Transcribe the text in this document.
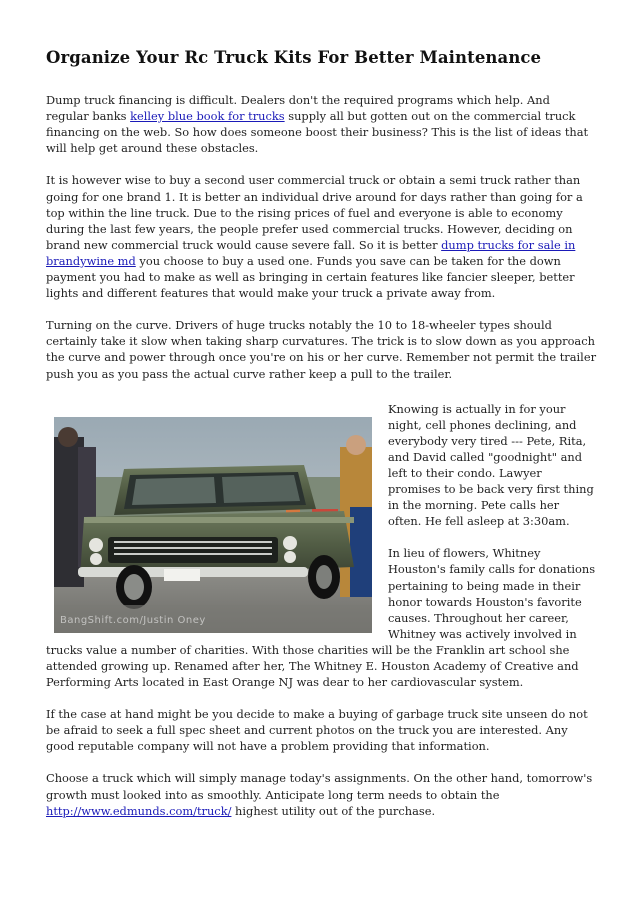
Organize Your Rc Truck Kits For Better Maintenance

Dump truck financing is difficult. Dealers don't the required programs which help. And regular banks kelley blue book for trucks supply all but gotten out on the commercial truck financing on the web. So how does someone boost their business? This is the list of ideas that will help get around these obstacles.

It is however wise to buy a second user commercial truck or obtain a semi truck rather than going for one brand 1. It is better an individual drive around for days rather than going for a top within the line truck. Due to the rising prices of fuel and everyone is able to economy during the last few years, the people prefer used commercial trucks. However, deciding on brand new commercial truck would cause severe fall. So it is better dump trucks for sale in brandywine md you choose to buy a used one. Funds you save can be taken for the down payment you had to make as well as bringing in certain features like fancier sleeper, better lights and different features that would make your truck a private away from.

Turning on the curve. Drivers of huge trucks notably the 10 to 18-wheeler types should certainly take it slow when taking sharp curvatures. The trick is to slow down as you approach the curve and power through once you're on his or her curve. Remember not permit the trailer push you as you pass the actual curve rather keep a pull to the trailer.

BangShift.com/Justin Oney

Knowing is actually in for your night, cell phones declining, and everybody very tired --- Pete, Rita, and David called "goodnight" and left to their condo. Lawyer promises to be back very first thing in the morning. Pete calls her often. He fell asleep at 3:30am.

In lieu of flowers, Whitney Houston's family calls for donations pertaining to being made in their honor towards Houston's favorite causes. Throughout her career, Whitney was actively involved in trucks value a number of charities. With those charities will be the Franklin art school she attended growing up. Renamed after her, The Whitney E. Houston Academy of Creative and Performing Arts located in East Orange NJ was dear to her cardiovascular system.

If the case at hand might be you decide to make a buying of garbage truck site unseen do not be afraid to seek a full spec sheet and current photos on the truck you are interested. Any good reputable company will not have a problem providing that information.

Choose a truck which will simply manage today's assignments. On the other hand, tomorrow's growth must looked into as smoothly. Anticipate long term needs to obtain the http://www.edmunds.com/truck/ highest utility out of the purchase.
